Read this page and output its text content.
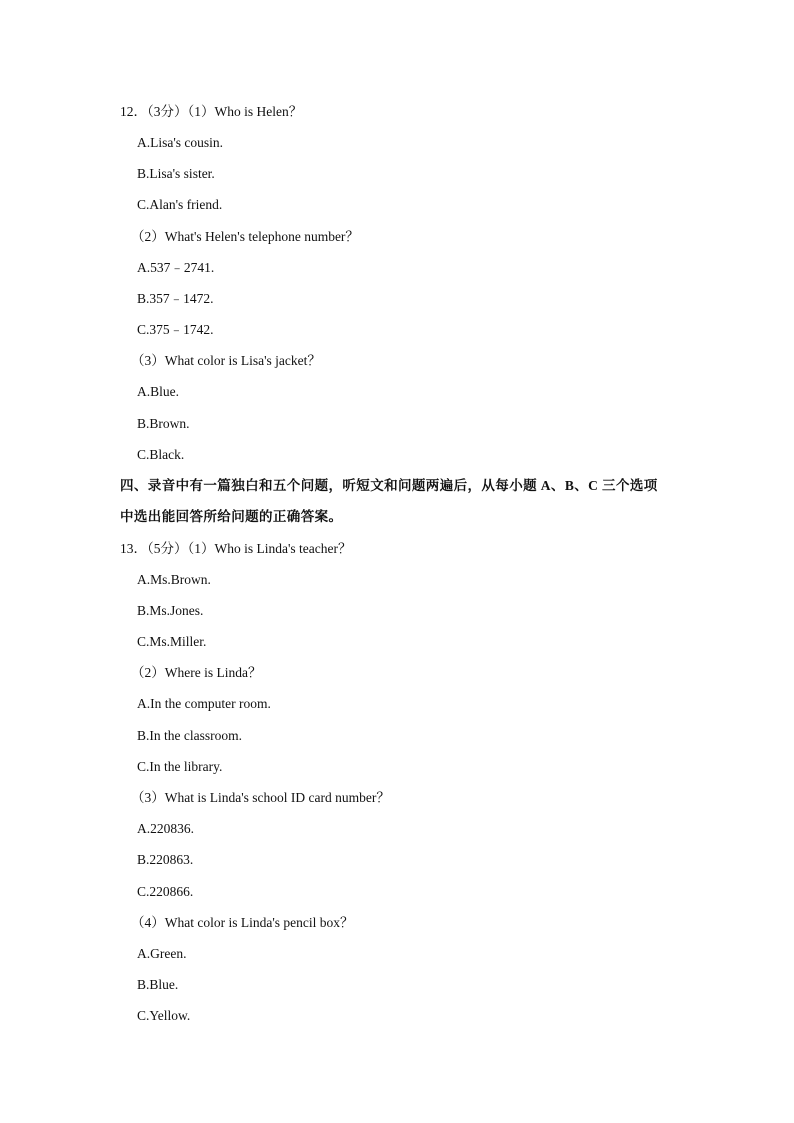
12．（3分）（1）Who is Helen？
A.Lisa's cousin.
B.Lisa's sister.
C.Alan's friend.
（2）What's Helen's telephone number？
A.537﹣2741.
B.357﹣1472.
C.375﹣1742.
（3）What color is Lisa's jacket？
A.Blue.
B.Brown.
C.Black.
四、录音中有一篇独白和五个问题，听短文和问题两遍后，从每小题 A、B、C 三个选项
中选出能回答所给问题的正确答案。
13．（5分）（1）Who is Linda's teacher？
A.Ms.Brown.
B.Ms.Jones.
C.Ms.Miller.
（2）Where is Linda？
A.In the computer room.
B.In the classroom.
C.In the library.
（3）What is Linda's school ID card number？
A.220836.
B.220863.
C.220866.
（4）What color is Linda's pencil box？
A.Green.
B.Blue.
C.Yellow.
